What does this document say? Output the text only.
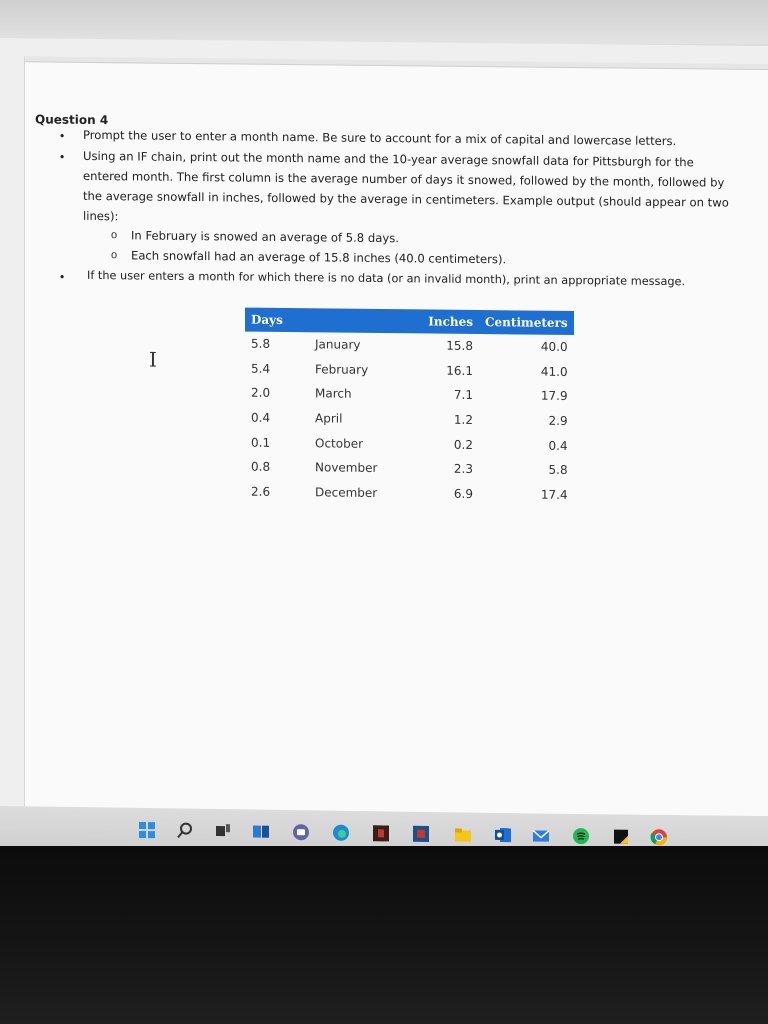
Question 4
• Prompt the user to enter a month name. Be sure to account for a mix of capital and lowercase letters.
• Using an IF chain, print out the month name and the 10-year average snowfall data for Pittsburgh for the
entered month. The first column is the average number of days it snowed, followed by the month, followed by
the average snowfall in inches, followed by the average in centimeters. Example output (should appear on two
lines):
o In February is snowed an average of 5.8 days.
o Each snowfall had an average of 15.8 inches (40.0 centimeters).
• If the user enters a month for which there is no data (or an invalid month), print an appropriate message.
I
Days		Inches	Centimeters
5.8	January	15.8	40.0
5.4	February	16.1	41.0
2.0	March	7.1	17.9
0.4	April	1.2	2.9
0.1	October	0.2	0.4
0.8	November	2.3	5.8
2.6	December	6.9	17.4
